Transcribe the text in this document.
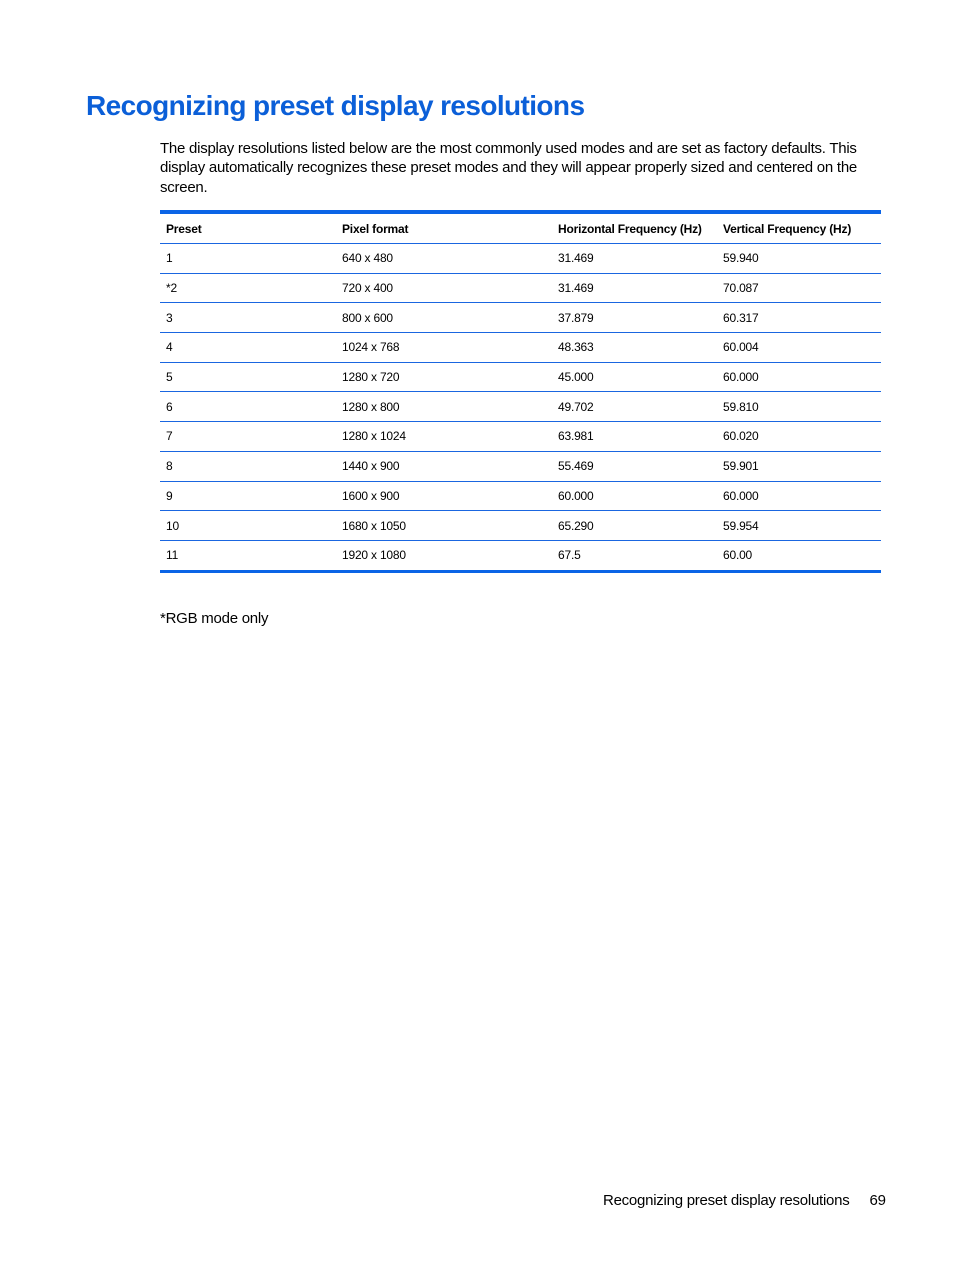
Recognizing preset display resolutions

The display resolutions listed below are the most commonly used modes and are set as factory defaults. This display automatically recognizes these preset modes and they will appear properly sized and centered on the screen.

Preset	Pixel format	Horizontal Frequency (Hz)	Vertical Frequency (Hz)
1	640 x 480	31.469	59.940
*2	720 x 400	31.469	70.087
3	800 x 600	37.879	60.317
4	1024 x 768	48.363	60.004
5	1280 x 720	45.000	60.000
6	1280 x 800	49.702	59.810
7	1280 x 1024	63.981	60.020
8	1440 x 900	55.469	59.901
9	1600 x 900	60.000	60.000
10	1680 x 1050	65.290	59.954
11	1920 x 1080	67.5	60.00

*RGB mode only

Recognizing preset display resolutions 69
